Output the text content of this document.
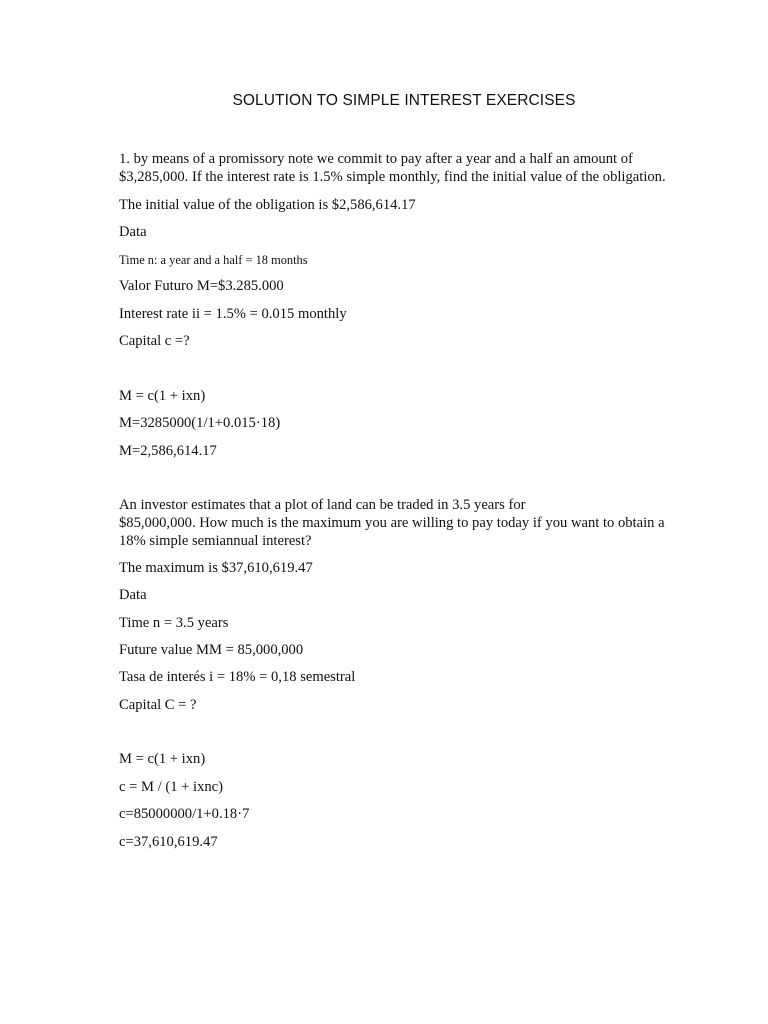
SOLUTION TO SIMPLE INTEREST EXERCISES
1. by means of a promissory note we commit to pay after a year and a half an amount of
$3,285,000. If the interest rate is 1.5% simple monthly, find the initial value of the obligation.
The initial value of the obligation is $2,586,614.17
Data
Time n: a year and a half = 18 months
Valor Futuro M=$3.285.000
Interest rate ii = 1.5% = 0.015 monthly
Capital c =?
M = c(1 + ixn)
M=3285000(1/1+0.015·18)
M=2,586,614.17
An investor estimates that a plot of land can be traded in 3.5 years for
$85,000,000. How much is the maximum you are willing to pay today if you want to obtain a
18% simple semiannual interest?
The maximum is $37,610,619.47
Data
Time n = 3.5 years
Future value MM = 85,000,000
Tasa de interés i = 18% = 0,18 semestral
Capital C = ?
M = c(1 + ixn)
c = M / (1 + ixnc)
c=85000000/1+0.18·7
c=37,610,619.47
